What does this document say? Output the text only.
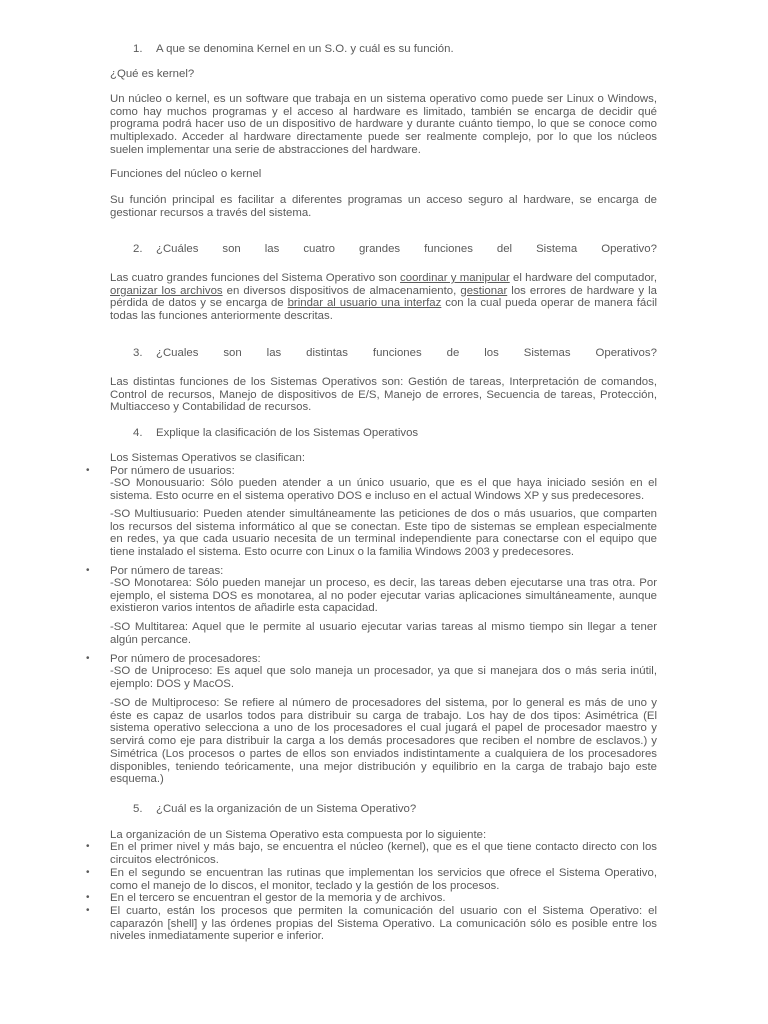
1. A que se denomina Kernel en un S.O. y cuál es su función.

¿Qué es kernel?

Un núcleo o kernel, es un software que trabaja en un sistema operativo como puede ser Linux o Windows, como hay muchos programas y el acceso al hardware es limitado, también se encarga de decidir qué programa podrá hacer uso de un dispositivo de hardware y durante cuánto tiempo, lo que se conoce como multiplexado. Acceder al hardware directamente puede ser realmente complejo, por lo que los núcleos suelen implementar una serie de abstracciones del hardware.

Funciones del núcleo o kernel

Su función principal es facilitar a diferentes programas un acceso seguro al hardware, se encarga de gestionar recursos a través del sistema.

2. ¿Cuáles son las cuatro grandes funciones del Sistema Operativo?

Las cuatro grandes funciones del Sistema Operativo son coordinar y manipular el hardware del computador, organizar los archivos en diversos dispositivos de almacenamiento, gestionar los errores de hardware y la pérdida de datos y se encarga de brindar al usuario una interfaz con la cual pueda operar de manera fácil todas las funciones anteriormente descritas.

3. ¿Cuales son las distintas funciones de los Sistemas Operativos?

Las distintas funciones de los Sistemas Operativos son: Gestión de tareas, Interpretación de comandos, Control de recursos, Manejo de dispositivos de E/S, Manejo de errores, Secuencia de tareas, Protección, Multiacceso y Contabilidad de recursos.

4. Explique la clasificación de los Sistemas Operativos

Los Sistemas Operativos se clasifican:

• Por número de usuarios:

-SO Monousuario: Sólo pueden atender a un único usuario, que es el que haya iniciado sesión en el sistema. Esto ocurre en el sistema operativo DOS e incluso en el actual Windows XP y sus predecesores.

-SO Multiusuario: Pueden atender simultáneamente las peticiones de dos o más usuarios, que comparten los recursos del sistema informático al que se conectan. Este tipo de sistemas se emplean especialmente en redes, ya que cada usuario necesita de un terminal independiente para conectarse con el equipo que tiene instalado el sistema. Esto ocurre con Linux o la familia Windows 2003 y predecesores.

• Por número de tareas:

-SO Monotarea: Sólo pueden manejar un proceso, es decir, las tareas deben ejecutarse una tras otra. Por ejemplo, el sistema DOS es monotarea, al no poder ejecutar varias aplicaciones simultáneamente, aunque existieron varios intentos de añadirle esta capacidad.

-SO Multitarea: Aquel que le permite al usuario ejecutar varias tareas al mismo tiempo sin llegar a tener algún percance.

• Por número de procesadores:

-SO de Uniproceso: Es aquel que solo maneja un procesador, ya que si manejara dos o más seria inútil, ejemplo: DOS y MacOS.

-SO de Multiproceso: Se refiere al número de procesadores del sistema, por lo general es más de uno y éste es capaz de usarlos todos para distribuir su carga de trabajo. Los hay de dos tipos: Asimétrica (El sistema operativo selecciona a uno de los procesadores el cual jugará el papel de procesador maestro y servirá como eje para distribuir la carga a los demás procesadores que reciben el nombre de esclavos.) y Simétrica (Los procesos o partes de ellos son enviados indistintamente a cualquiera de los procesadores disponibles, teniendo teóricamente, una mejor distribución y equilibrio en la carga de trabajo bajo este esquema.)

5. ¿Cuál es la organización de un Sistema Operativo?

La organización de un Sistema Operativo esta compuesta por lo siguiente:

• En el primer nivel y más bajo, se encuentra el núcleo (kernel), que es el que tiene contacto directo con los circuitos electrónicos.

• En el segundo se encuentran las rutinas que implementan los servicios que ofrece el Sistema Operativo, como el manejo de lo discos, el monitor, teclado y la gestión de los procesos.

• En el tercero se encuentran el gestor de la memoria y de archivos.

• El cuarto, están los procesos que permiten la comunicación del usuario con el Sistema Operativo: el caparazón [shell] y las órdenes propias del Sistema Operativo. La comunicación sólo es posible entre los niveles inmediatamente superior e inferior.
